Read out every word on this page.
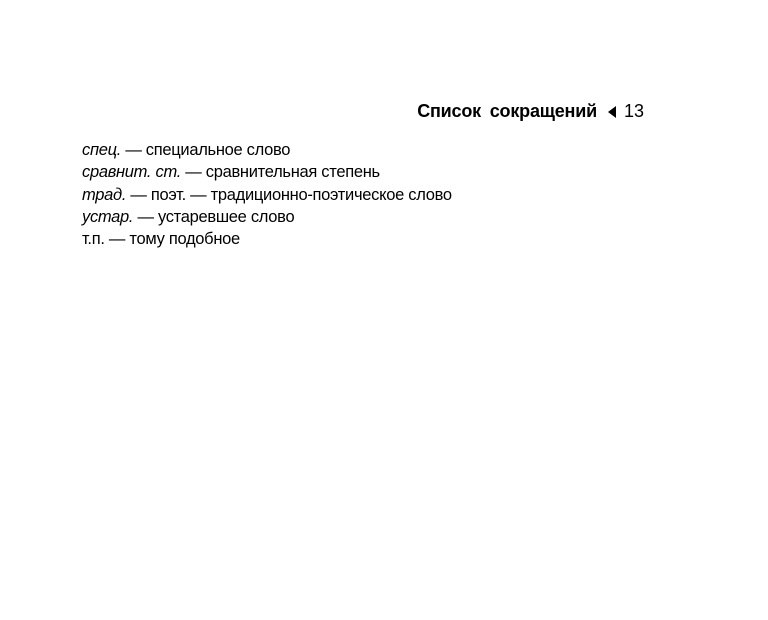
Список сокращений 13
спец. — специальное слово
сравнит. ст. — сравнительная степень
трад. — поэт. — традиционно-поэтическое слово
устар. — устаревшее слово
т.п. — тому подобное
